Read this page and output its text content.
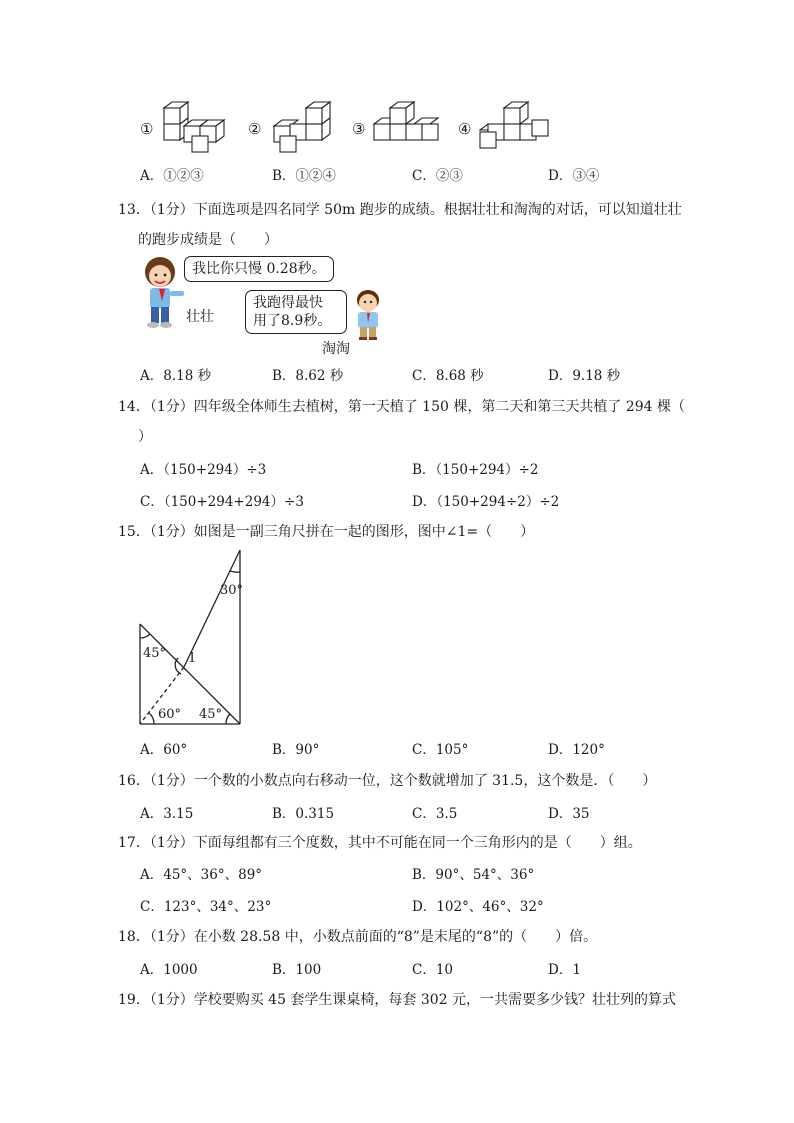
①	②	③	④
A．①②③	B．①②④	C．②③	D．③④
13．（1分）下面选项是四名同学 50m 跑步的成绩。根据壮壮和淘淘的对话，可以知道壮壮
的跑步成绩是（　　）
我比你只慢 0.28秒。
壮壮
我跑得最快
用了8.9秒。
淘淘
A．8.18 秒	B．8.62 秒	C．8.68 秒	D．9.18 秒
14．（1分）四年级全体师生去植树，第一天植了 150 棵，第二天和第三天共植了 294 棵（
）
A．（150+294）÷3	B．（150+294）÷2
C．（150+294+294）÷3	D．（150+294÷2）÷2
15．（1分）如图是一副三角尺拼在一起的图形，图中∠1=（　　）
30°
45° 1
60° 45°
A．60°	B．90°	C．105°	D．120°
16．（1分）一个数的小数点向右移动一位，这个数就增加了 31.5，这个数是．（　　）
A．3.15	B．0.315	C．3.5	D．35
17．（1分）下面每组都有三个度数，其中不可能在同一个三角形内的是（　　）组。
A．45°、36°、89°	B．90°、54°、36°
C．123°、34°、23°	D．102°、46°、32°
18．（1分）在小数 28.58 中，小数点前面的“8”是末尾的“8”的（　　）倍。
A．1000	B．100	C．10	D．1
19．（1分）学校要购买 45 套学生课桌椅，每套 302 元，一共需要多少钱？壮壮列的算式
